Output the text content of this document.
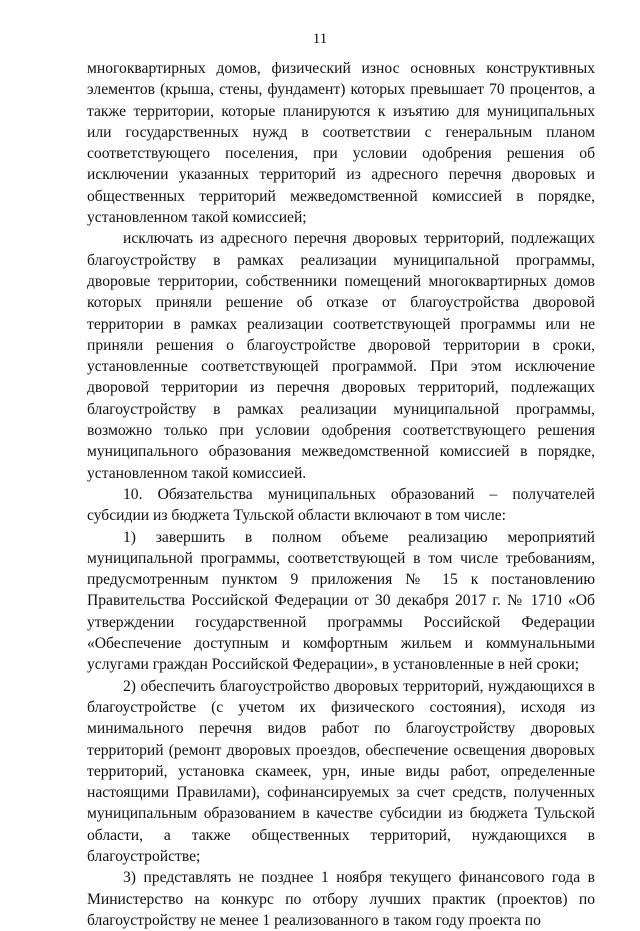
11

многоквартирных домов, физический износ основных конструктивных элементов (крыша, стены, фундамент) которых превышает 70 процентов, а также территории, которые планируются к изъятию для муниципальных или государственных нужд в соответствии с генеральным планом соответствующего поселения, при условии одобрения решения об исключении указанных территорий из адресного перечня дворовых и общественных территорий межведомственной комиссией в порядке, установленном такой комиссией;

исключать из адресного перечня дворовых территорий, подлежащих благоустройству в рамках реализации муниципальной программы, дворовые территории, собственники помещений многоквартирных домов которых приняли решение об отказе от благоустройства дворовой территории в рамках реализации соответствующей программы или не приняли решения о благоустройстве дворовой территории в сроки, установленные соответствующей программой. При этом исключение дворовой территории из перечня дворовых территорий, подлежащих благоустройству в рамках реализации муниципальной программы, возможно только при условии одобрения соответствующего решения муниципального образования межведомственной комиссией в порядке, установленном такой комиссией.

10. Обязательства муниципальных образований – получателей субсидии из бюджета Тульской области включают в том числе:

1) завершить в полном объеме реализацию мероприятий муниципальной программы, соответствующей в том числе требованиям, предусмотренным пунктом 9 приложения № 15 к постановлению Правительства Российской Федерации от 30 декабря 2017 г. № 1710 «Об утверждении государственной программы Российской Федерации «Обеспечение доступным и комфортным жильем и коммунальными услугами граждан Российской Федерации», в установленные в ней сроки;

2) обеспечить благоустройство дворовых территорий, нуждающихся в благоустройстве (с учетом их физического состояния), исходя из минимального перечня видов работ по благоустройству дворовых территорий (ремонт дворовых проездов, обеспечение освещения дворовых территорий, установка скамеек, урн, иные виды работ, определенные настоящими Правилами), софинансируемых за счет средств, полученных муниципальным образованием в качестве субсидии из бюджета Тульской области, а также общественных территорий, нуждающихся в благоустройстве;

3) представлять не позднее 1 ноября текущего финансового года в Министерство на конкурс по отбору лучших практик (проектов) по благоустройству не менее 1 реализованного в таком году проекта по
